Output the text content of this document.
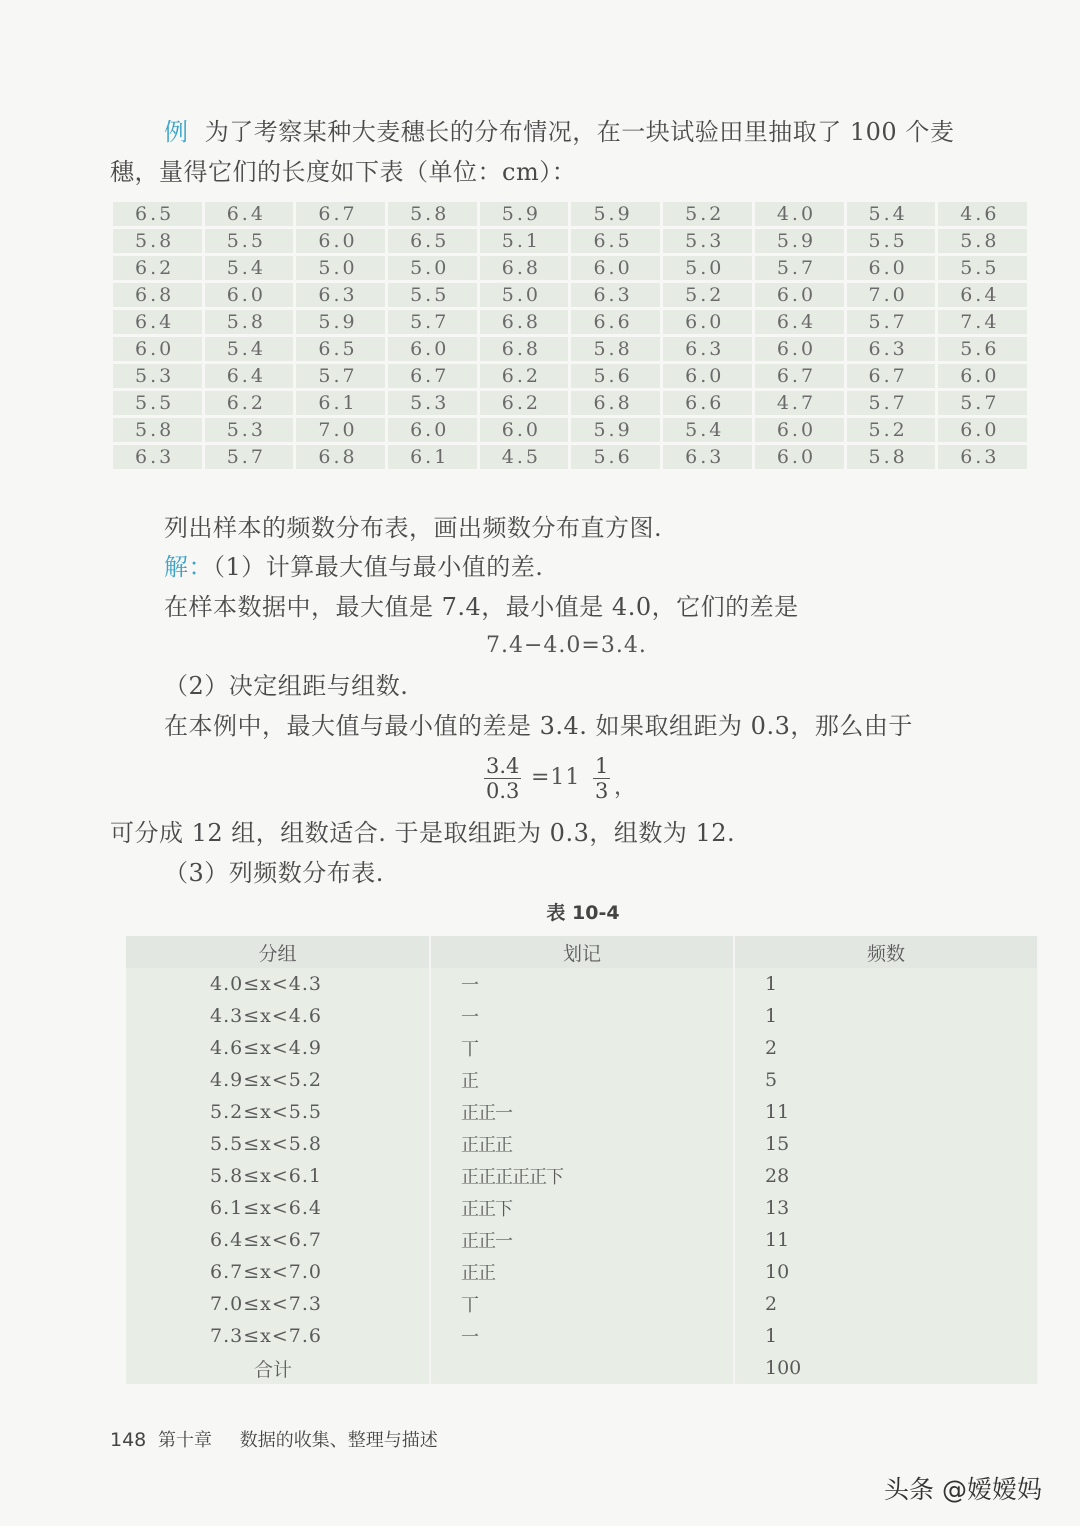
例 为了考察某种大麦穗长的分布情况，在一块试验田里抽取了 100 个麦
穗，量得它们的长度如下表（单位：cm）：
6.5	6.4	6.7	5.8	5.9	5.9	5.2	4.0	5.4	4.6
5.8	5.5	6.0	6.5	5.1	6.5	5.3	5.9	5.5	5.8
6.2	5.4	5.0	5.0	6.8	6.0	5.0	5.7	6.0	5.5
6.8	6.0	6.3	5.5	5.0	6.3	5.2	6.0	7.0	6.4
6.4	5.8	5.9	5.7	6.8	6.6	6.0	6.4	5.7	7.4
6.0	5.4	6.5	6.0	6.8	5.8	6.3	6.0	6.3	5.6
5.3	6.4	5.7	6.7	6.2	5.6	6.0	6.7	6.7	6.0
5.5	6.2	6.1	5.3	6.2	6.8	6.6	4.7	5.7	5.7
5.8	5.3	7.0	6.0	6.0	5.9	5.4	6.0	5.2	6.0
6.3	5.7	6.8	6.1	4.5	5.6	6.3	6.0	5.8	6.3
列出样本的频数分布表，画出频数分布直方图.
解：（1）计算最大值与最小值的差.
在样本数据中，最大值是 7.4，最小值是 4.0，它们的差是
7.4−4.0=3.4.
（2）决定组距与组数.
在本例中，最大值与最小值的差是 3.4. 如果取组距为 0.3，那么由于
$\frac{3.4}{0.3} =11 \frac{1}{3}$ ，
可分成 12 组，组数适合. 于是取组距为 0.3，组数为 12.
（3）列频数分布表.
表 10-4
分组	划记	频数
4.0≤x<4.3	一	1
4.3≤x<4.6	一	1
4.6≤x<4.9	丅	2
4.9≤x<5.2	正	5
5.2≤x<5.5	正正一	11
5.5≤x<5.8	正正正	15
5.8≤x<6.1	正正正正正下	28
6.1≤x<6.4	正正下	13
6.4≤x<6.7	正正一	11
6.7≤x<7.0	正正	10
7.0≤x<7.3	丅	2
7.3≤x<7.6	一	1
合计		100
148 第十章 数据的收集、整理与描述
头条 @嫒嫒妈
